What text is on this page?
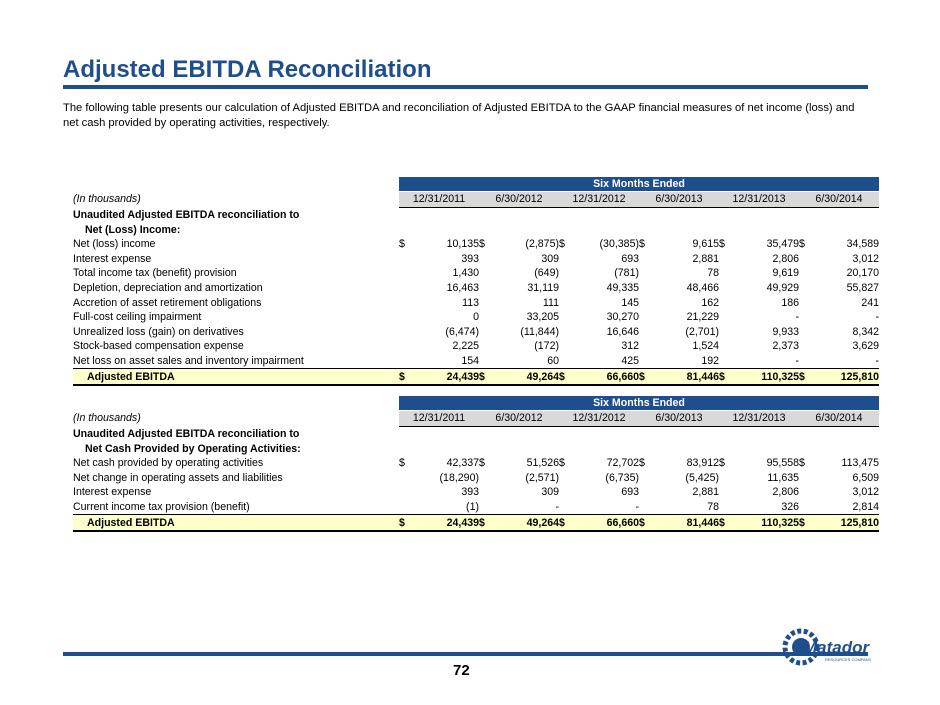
Adjusted EBITDA Reconciliation
The following table presents our calculation of Adjusted EBITDA and reconciliation of Adjusted EBITDA to the GAAP financial measures of net income (loss) and net cash provided by operating activities, respectively.
	Six Months Ended											
(In thousands)	12/31/2011		6/30/2012		12/31/2012		6/30/2013		12/31/2013		6/30/2014	
Unaudited Adjusted EBITDA reconciliation to												
Net (Loss) Income:												
Net (loss) income	$	10,135	$	(2,875)	$	(30,385)	$	9,615	$	35,479	$	34,589
Interest expense		393		309		693		2,881		2,806		3,012
Total income tax (benefit) provision		1,430		(649)		(781)		78		9,619		20,170
Depletion, depreciation and amortization		16,463		31,119		49,335		48,466		49,929		55,827
Accretion of asset retirement obligations		113		111		145		162		186		241
Full-cost ceiling impairment		0		33,205		30,270		21,229		-		-
Unrealized loss (gain) on derivatives		(6,474)		(11,844)		16,646		(2,701)		9,933		8,342
Stock-based compensation expense		2,225		(172)		312		1,524		2,373		3,629
Net loss on asset sales and inventory impairment		154		60		425		192		-		-
Adjusted EBITDA	$	24,439	$	49,264	$	66,660	$	81,446	$	110,325	$	125,810
	Six Months Ended											
(In thousands)	12/31/2011		6/30/2012		12/31/2012		6/30/2013		12/31/2013		6/30/2014	
Unaudited Adjusted EBITDA reconciliation to												
Net Cash Provided by Operating Activities:												
Net cash provided by operating activities	$	42,337	$	51,526	$	72,702	$	83,912	$	95,558	$	113,475
Net change in operating assets and liabilities		(18,290)		(2,571)		(6,735)		(5,425)		11,635		6,509
Interest expense		393		309		693		2,881		2,806		3,012
Current income tax provision (benefit)		(1)		-		-		78		326		2,814
Adjusted EBITDA	$	24,439	$	49,264	$	66,660	$	81,446	$	110,325	$	125,810
72
Matador
RESOURCES COMPANY
